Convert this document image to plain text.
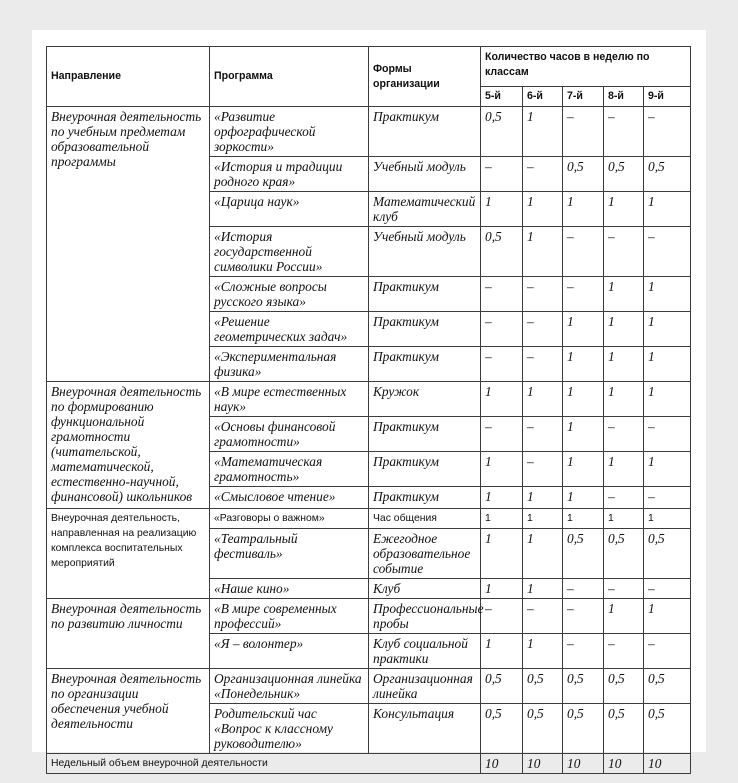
Направление	Программа	Формы организации	Количество часов в неделю по классам				
			5-й	6-й	7-й	8-й	9-й
Внеурочная деятельность по учебным предметам образовательной программы	«Развитие орфографической зоркости»	Практикум	0,5	1	–	–	–
	«История и традиции родного края»	Учебный модуль	–	–	0,5	0,5	0,5
	«Царица наук»	Математический клуб	1	1	1	1	1
	«История государственной символики России»	Учебный модуль	0,5	1	–	–	–
	«Сложные вопросы русского языка»	Практикум	–	–	–	1	1
	«Решение геометрических задач»	Практикум	–	–	1	1	1
	«Экспериментальная физика»	Практикум	–	–	1	1	1
Внеурочная деятельность по формированию функциональной грамотности (читательской, математической, естественно-научной, финансовой) школьников	«В мире естественных наук»	Кружок	1	1	1	1	1
	«Основы финансовой грамотности»	Практикум	–	–	1	–	–
	«Математическая грамотность»	Практикум	1	–	1	1	1
	«Смысловое чтение»	Практикум	1	1	1	–	–
Внеурочная деятельность, направленная на реализацию комплекса воспитательных мероприятий	«Разговоры о важном»	Час общения	1	1	1	1	1
	«Театральный фестиваль»	Ежегодное образовательное событие	1	1	0,5	0,5	0,5
	«Наше кино»	Клуб	1	1	–	–	–
Внеурочная деятельность по развитию личности	«В мире современных профессий»	Профессиональные пробы	–	–	–	1	1
	«Я – волонтер»	Клуб социальной практики	1	1	–	–	–
Внеурочная деятельность по организации обеспечения учебной деятельности	Организационная линейка «Понедельник»	Организационная линейка	0,5	0,5	0,5	0,5	0,5
	Родительский час «Вопрос к классному руководителю»	Консультация	0,5	0,5	0,5	0,5	0,5
Недельный объем внеурочной деятельности			10	10	10	10	10
